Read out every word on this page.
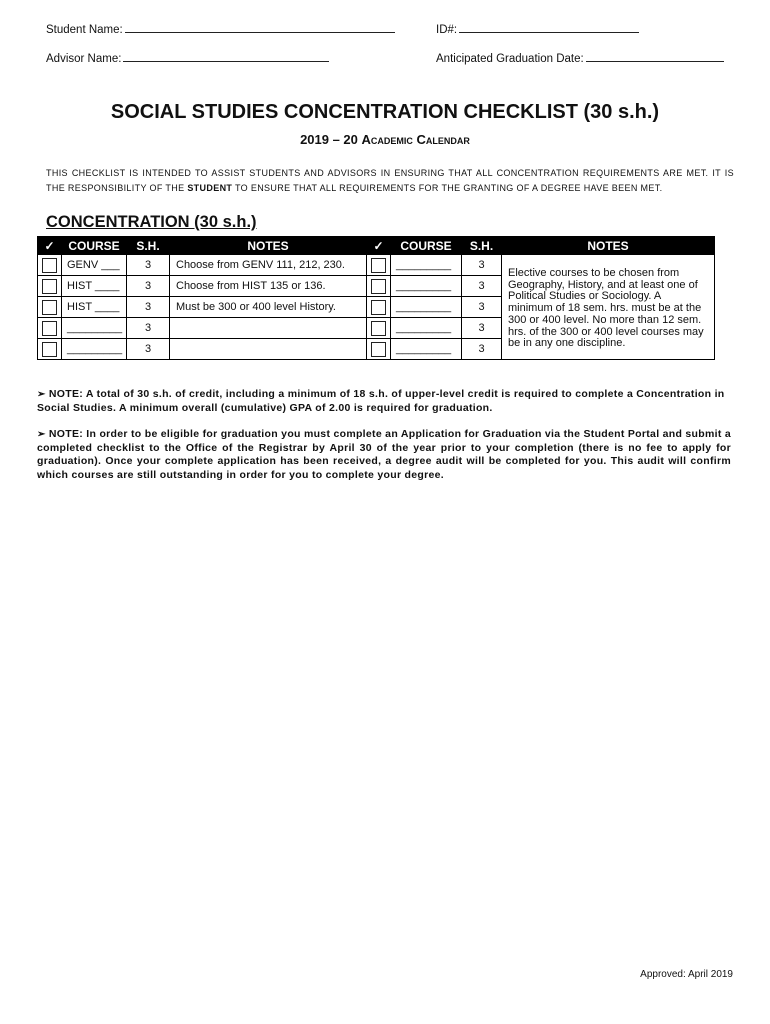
Student Name:	ID#:
Advisor Name:	Anticipated Graduation Date:
SOCIAL STUDIES CONCENTRATION CHECKLIST (30 s.h.)
2019 – 20 Academic Calendar
THIS CHECKLIST IS INTENDED TO ASSIST STUDENTS AND ADVISORS IN ENSURING THAT ALL CONCENTRATION REQUIREMENTS ARE MET. IT IS THE RESPONSIBILITY OF THE STUDENT TO ENSURE THAT ALL REQUIREMENTS FOR THE GRANTING OF A DEGREE HAVE BEEN MET.
CONCENTRATION (30 s.h.)
✓	COURSE	S.H.	NOTES	✓	COURSE	S.H.	NOTES
	GENV ___	3	Choose from GENV 111, 212, 230.		_________	3	Elective courses to be chosen from Geography, History, and at least one of Political Studies or Sociology. A minimum of 18 sem. hrs. must be at the 300 or 400 level. No more than 12 sem. hrs. of the 300 or 400 level courses may be in any one discipline.
	HIST ____	3	Choose from HIST 135 or 136.		_________	3	
	HIST ____	3	Must be 300 or 400 level History.		_________	3	
	_________	3			_________	3	
	_________	3			_________	3	
➢ NOTE: A total of 30 s.h. of credit, including a minimum of 18 s.h. of upper-level credit is required to complete a Concentration in Social Studies. A minimum overall (cumulative) GPA of 2.00 is required for graduation.
➢ NOTE: In order to be eligible for graduation you must complete an Application for Graduation via the Student Portal and submit a completed checklist to the Office of the Registrar by April 30 of the year prior to your completion (there is no fee to apply for graduation). Once your complete application has been received, a degree audit will be completed for you. This audit will confirm which courses are still outstanding in order for you to complete your degree.
Approved: April 2019
